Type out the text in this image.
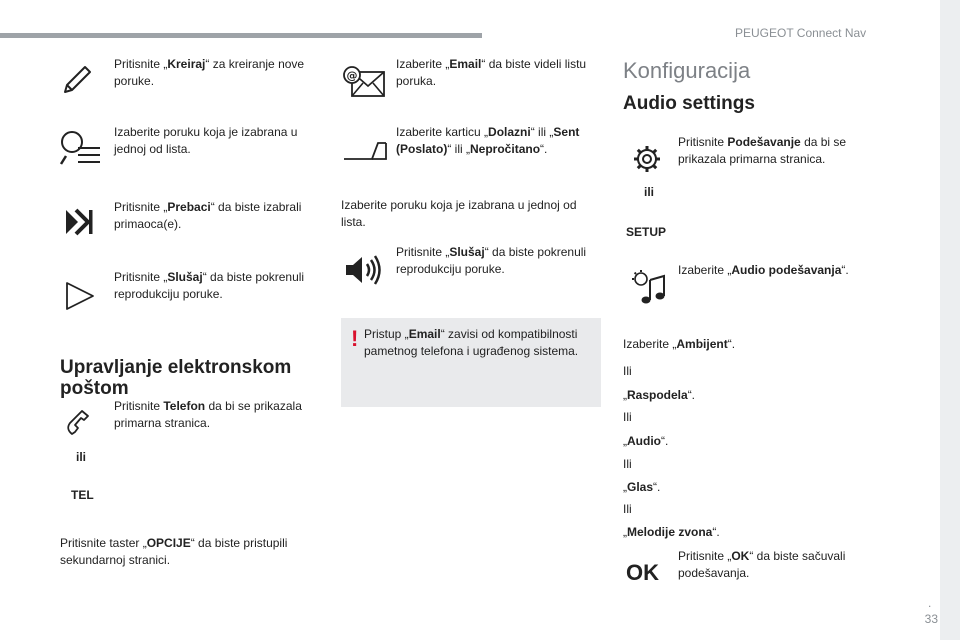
PEUGEOT Connect Nav
.
33
Pritisnite „Kreiraj“ za kreiranje nove poruke.
Izaberite poruku koja je izabrana u jednoj od lista.
Pritisnite „Prebaci“ da biste izabrali primaoca(e).
Pritisnite „Slušaj“ da biste pokrenuli reprodukciju poruke.
Upravljanje elektronskom poštom
Pritisnite Telefon da bi se prikazala primarna stranica.
ili
TEL
Pritisnite taster „OPCIJE“ da biste pristupili sekundarnoj stranici.
@
Izaberite „Email“ da biste videli listu poruka.
Izaberite karticu „Dolazni“ ili „Sent (Poslato)“ ili „Nepročitano“.
Izaberite poruku koja je izabrana u jednoj od lista.
Pritisnite „Slušaj“ da biste pokrenuli reprodukciju poruke.
! Pristup „Email“ zavisi od kompatibilnosti pametnog telefona i ugrađenog sistema.
Konfiguracija
Audio settings
Pritisnite Podešavanje da bi se prikazala primarna stranica.
ili
SETUP
Izaberite „Audio podešavanja“.
Izaberite „Ambijent“.
Ili
„Raspodela“.
Ili
„Audio“.
Ili
„Glas“.
Ili
„Melodije zvona“.
OK
Pritisnite „OK“ da biste sačuvali podešavanja.
